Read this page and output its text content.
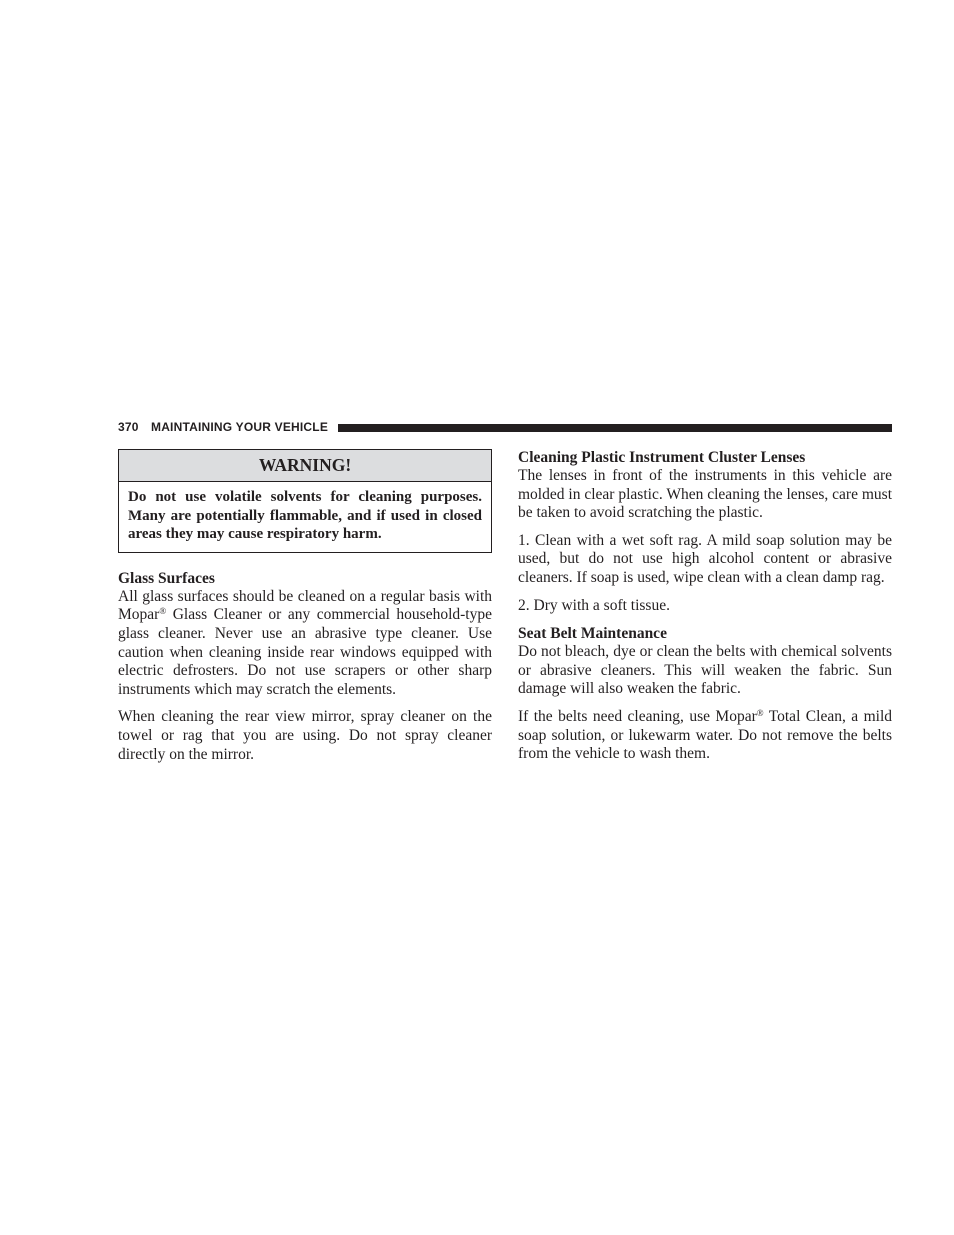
370 MAINTAINING YOUR VEHICLE
WARNING!
Do not use volatile solvents for cleaning purposes. Many are potentially flammable, and if used in closed areas they may cause respiratory harm.
Glass Surfaces

All glass surfaces should be cleaned on a regular basis with Mopar® Glass Cleaner or any commercial household-type glass cleaner. Never use an abrasive type cleaner. Use caution when cleaning inside rear windows equipped with electric defrosters. Do not use scrapers or other sharp instruments which may scratch the elements.

When cleaning the rear view mirror, spray cleaner on the towel or rag that you are using. Do not spray cleaner directly on the mirror.

Cleaning Plastic Instrument Cluster Lenses

The lenses in front of the instruments in this vehicle are molded in clear plastic. When cleaning the lenses, care must be taken to avoid scratching the plastic.

1. Clean with a wet soft rag. A mild soap solution may be used, but do not use high alcohol content or abrasive cleaners. If soap is used, wipe clean with a clean damp rag.

2. Dry with a soft tissue.

Seat Belt Maintenance

Do not bleach, dye or clean the belts with chemical solvents or abrasive cleaners. This will weaken the fabric. Sun damage will also weaken the fabric.

If the belts need cleaning, use Mopar® Total Clean, a mild soap solution, or lukewarm water. Do not remove the belts from the vehicle to wash them.
